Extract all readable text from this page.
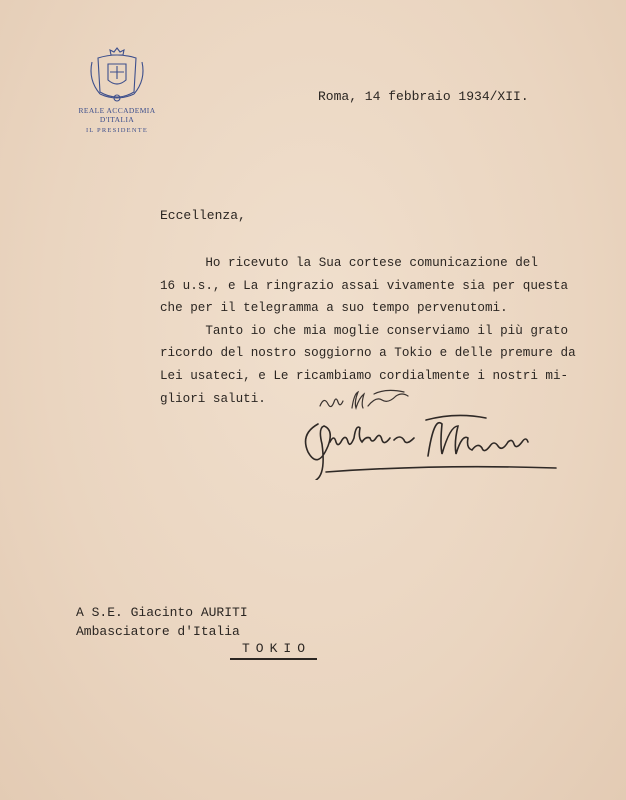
REALE ACCADEMIA D'ITALIA
IL PRESIDENTE
Roma, 14 febbraio 1934/XII.
Eccellenza,
Ho ricevuto la Sua cortese comunicazione del
16 u.s., e La ringrazio assai vivamente sia per questa
che per il telegramma a suo tempo pervenutomi.
Tanto io che mia moglie conserviamo il più grato
ricordo del nostro soggiorno a Tokio e delle premure da
Lei usateci, e Le ricambiamo cordialmente i nostri mi-
gliori saluti.
A S.E. Giacinto AURITI
Ambasciatore d'Italia
TOKIO
